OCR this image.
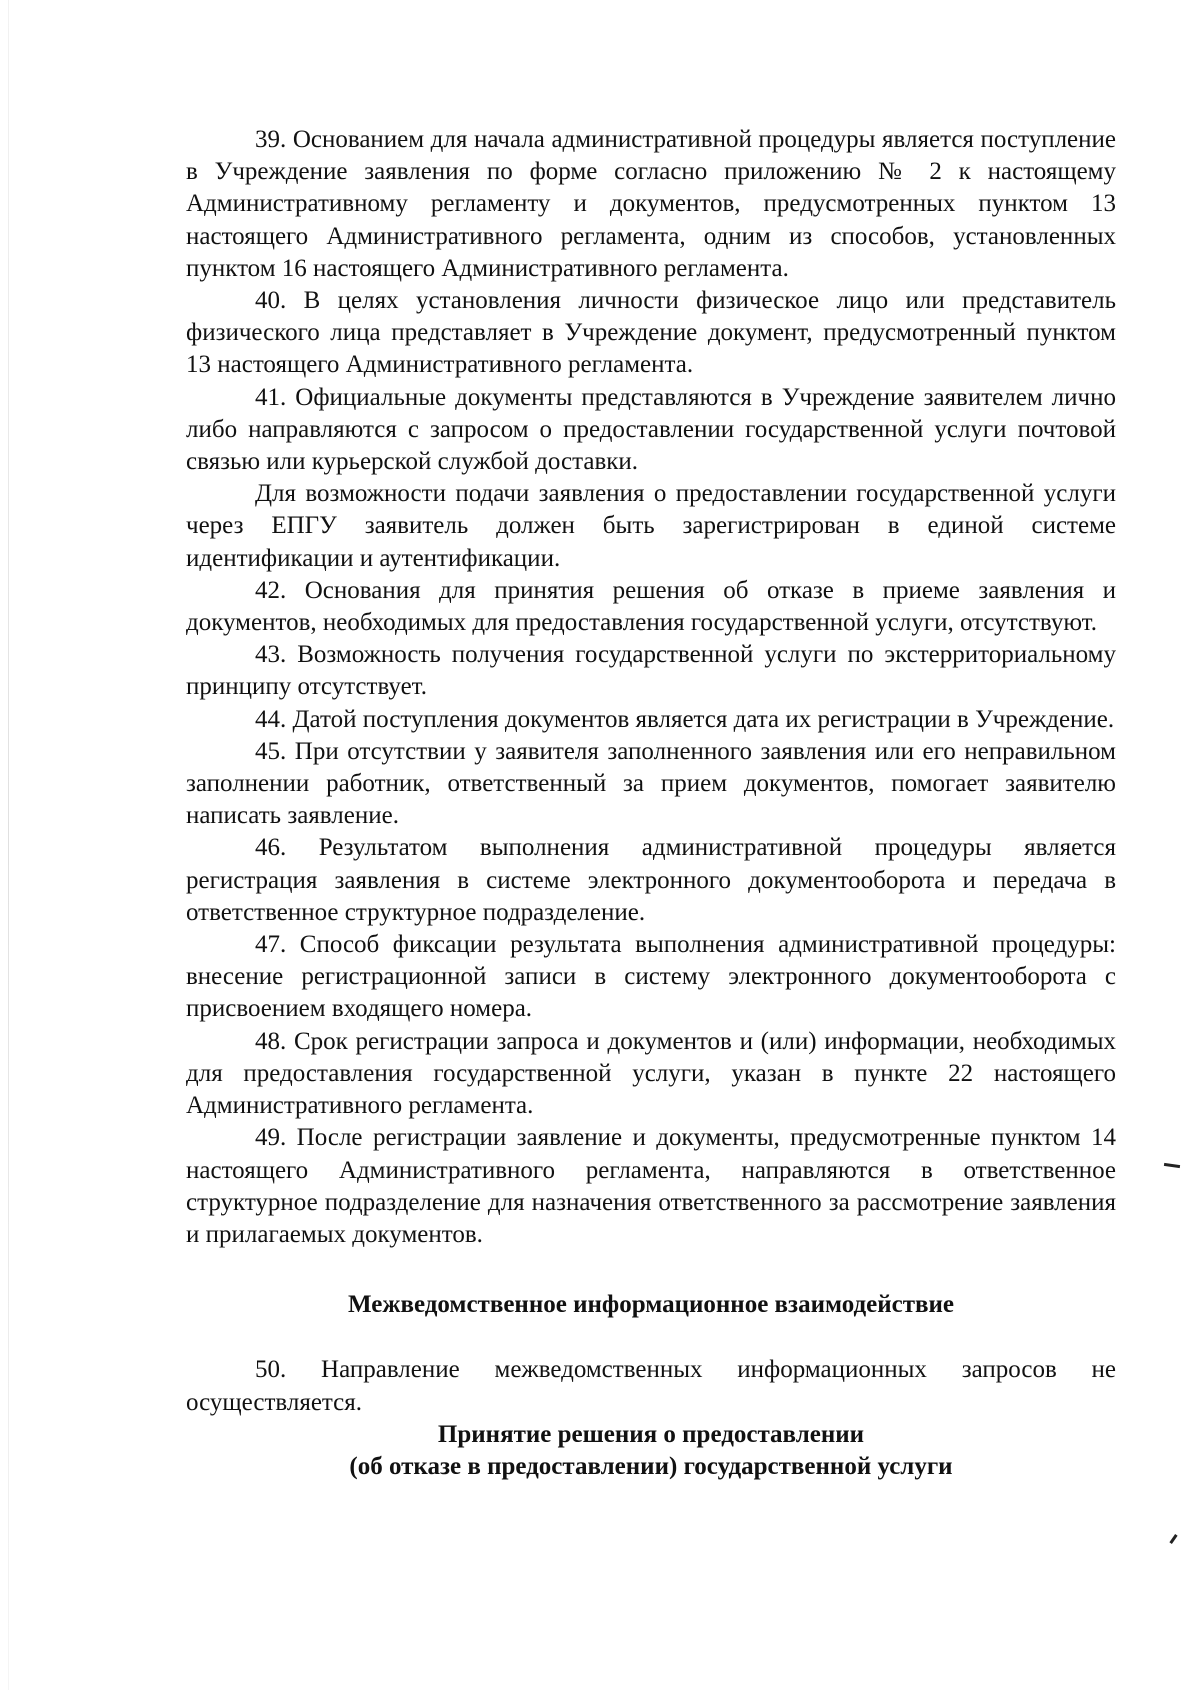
39. Основанием для начала административной процедуры является поступление в Учреждение заявления по форме согласно приложению № 2 к настоящему Административному регламенту и документов, предусмотренных пунктом 13 настоящего Административного регламента, одним из способов, установленных пунктом 16 настоящего Административного регламента.

40. В целях установления личности физическое лицо или представитель физического лица представляет в Учреждение документ, предусмотренный пунктом 13 настоящего Административного регламента.

41. Официальные документы представляются в Учреждение заявителем лично либо направляются с запросом о предоставлении государственной услуги почтовой связью или курьерской службой доставки.

Для возможности подачи заявления о предоставлении государственной услуги через ЕПГУ заявитель должен быть зарегистрирован в единой системе идентификации и аутентификации.

42. Основания для принятия решения об отказе в приеме заявления и документов, необходимых для предоставления государственной услуги, отсутствуют.

43. Возможность получения государственной услуги по экстерриториальному принципу отсутствует.

44. Датой поступления документов является дата их регистрации в Учреждение.

45. При отсутствии у заявителя заполненного заявления или его неправильном заполнении работник, ответственный за прием документов, помогает заявителю написать заявление.

46. Результатом выполнения административной процедуры является регистрация заявления в системе электронного документооборота и передача в ответственное структурное подразделение.

47. Способ фиксации результата выполнения административной процедуры: внесение регистрационной записи в систему электронного документооборота с присвоением входящего номера.

48. Срок регистрации запроса и документов и (или) информации, необходимых для предоставления государственной услуги, указан в пункте 22 настоящего Административного регламента.

49. После регистрации заявление и документы, предусмотренные пунктом 14 настоящего Административного регламента, направляются в ответственное структурное подразделение для назначения ответственного за рассмотрение заявления и прилагаемых документов.

Межведомственное информационное взаимодействие

50. Направление межведомственных информационных запросов не осуществляется.

Принятие решения о предоставлении

(об отказе в предоставлении) государственной услуги
